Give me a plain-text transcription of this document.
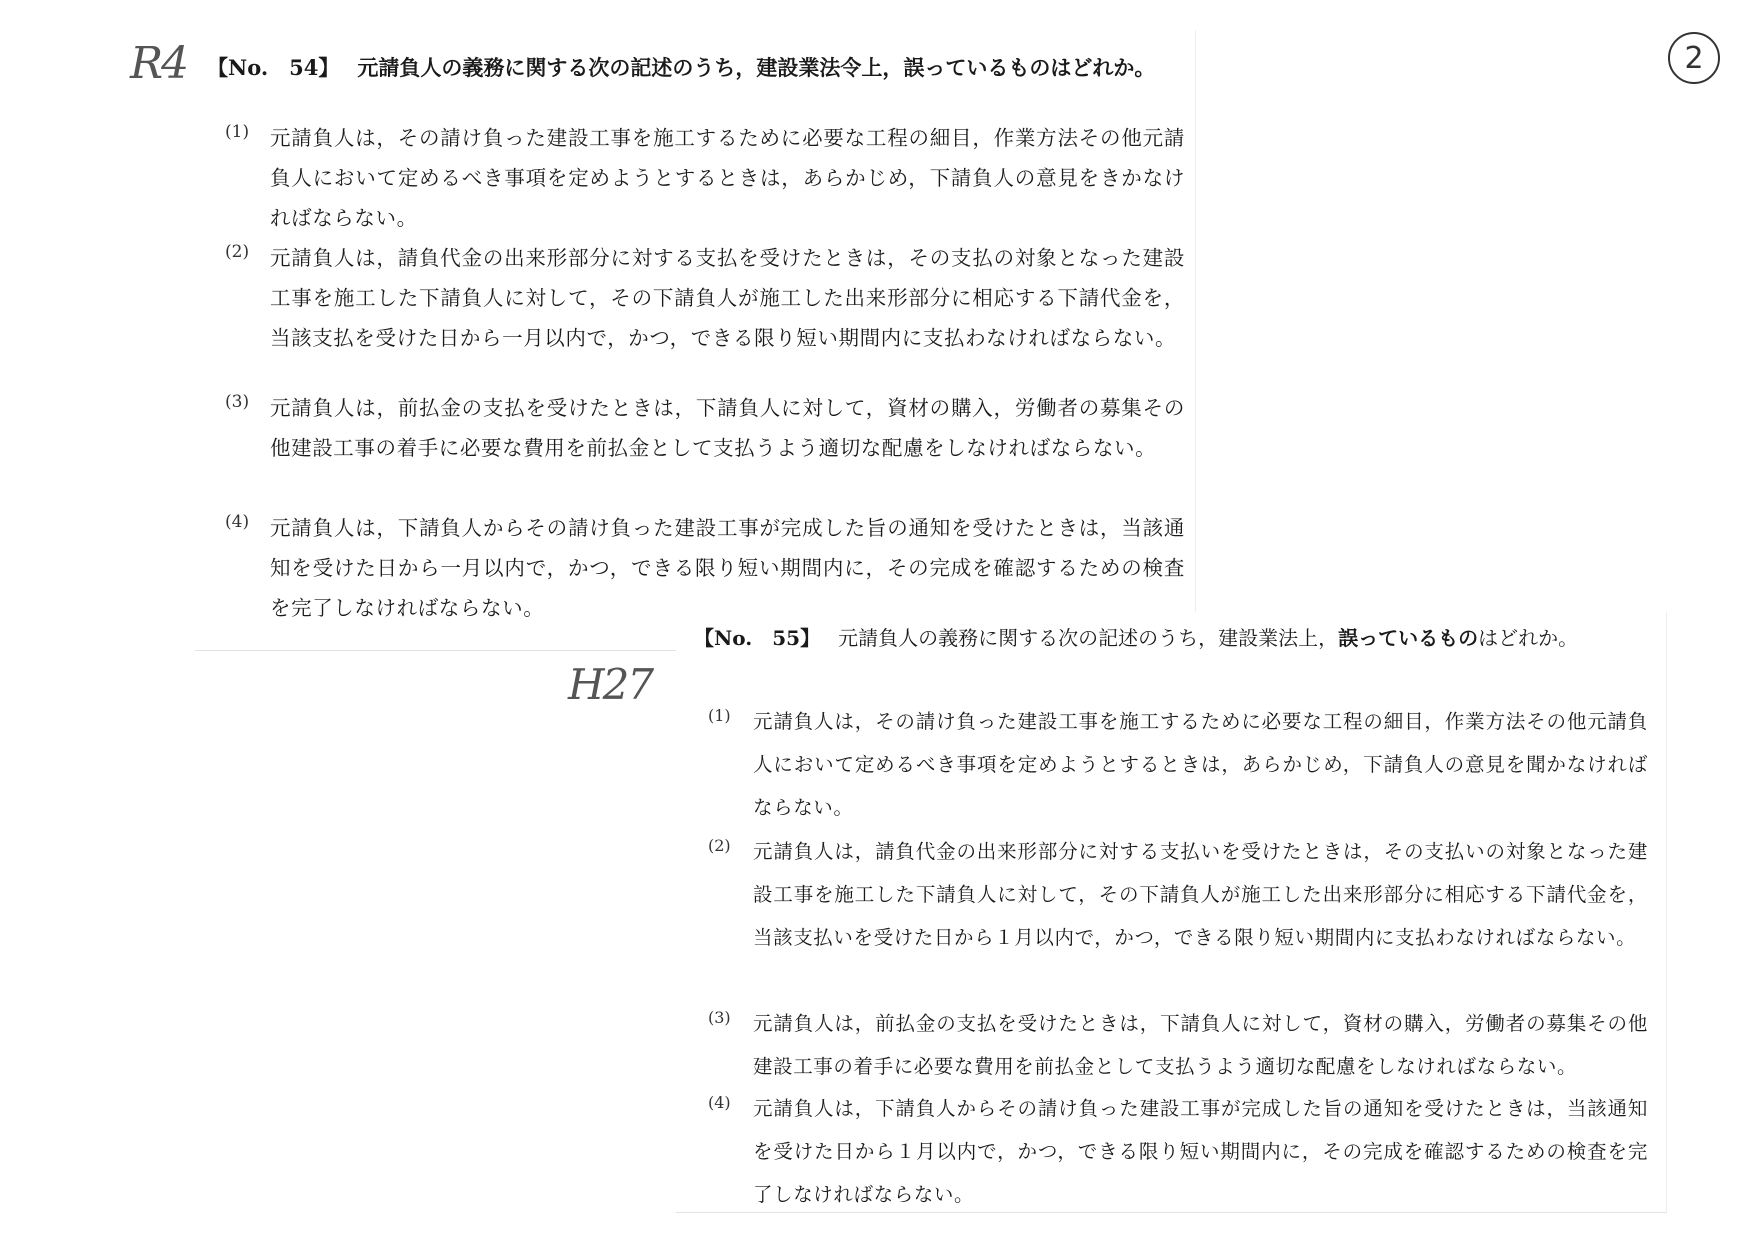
R4	2
【No.　54】 元請負人の義務に関する次の記述のうち，建設業法令上，誤っているものはどれか。
(1) 元請負人は，その請け負った建設工事を施工するために必要な工程の細目，作業方法その他元請負人において定めるべき事項を定めようとするときは，あらかじめ，下請負人の意見をきかなければならない。
(2) 元請負人は，請負代金の出来形部分に対する支払を受けたときは，その支払の対象となった建設工事を施工した下請負人に対して，その下請負人が施工した出来形部分に相応する下請代金を，当該支払を受けた日から一月以内で，かつ，できる限り短い期間内に支払わなければならない。
(3) 元請負人は，前払金の支払を受けたときは，下請負人に対して，資材の購入，労働者の募集その他建設工事の着手に必要な費用を前払金として支払うよう適切な配慮をしなければならない。
(4) 元請負人は，下請負人からその請け負った建設工事が完成した旨の通知を受けたときは，当該通知を受けた日から一月以内で，かつ，できる限り短い期間内に，その完成を確認するための検査を完了しなければならない。
H27
【No.　55】 元請負人の義務に関する次の記述のうち，建設業法上，誤っているものはどれか。
(1) 元請負人は，その請け負った建設工事を施工するために必要な工程の細目，作業方法その他元請負人において定めるべき事項を定めようとするときは，あらかじめ，下請負人の意見を聞かなければならない。
(2) 元請負人は，請負代金の出来形部分に対する支払いを受けたときは，その支払いの対象となった建設工事を施工した下請負人に対して，その下請負人が施工した出来形部分に相応する下請代金を，当該支払いを受けた日から１月以内で，かつ，できる限り短い期間内に支払わなければならない。
(3) 元請負人は，前払金の支払を受けたときは，下請負人に対して，資材の購入，労働者の募集その他建設工事の着手に必要な費用を前払金として支払うよう適切な配慮をしなければならない。
(4) 元請負人は，下請負人からその請け負った建設工事が完成した旨の通知を受けたときは，当該通知を受けた日から１月以内で，かつ，できる限り短い期間内に，その完成を確認するための検査を完了しなければならない。
